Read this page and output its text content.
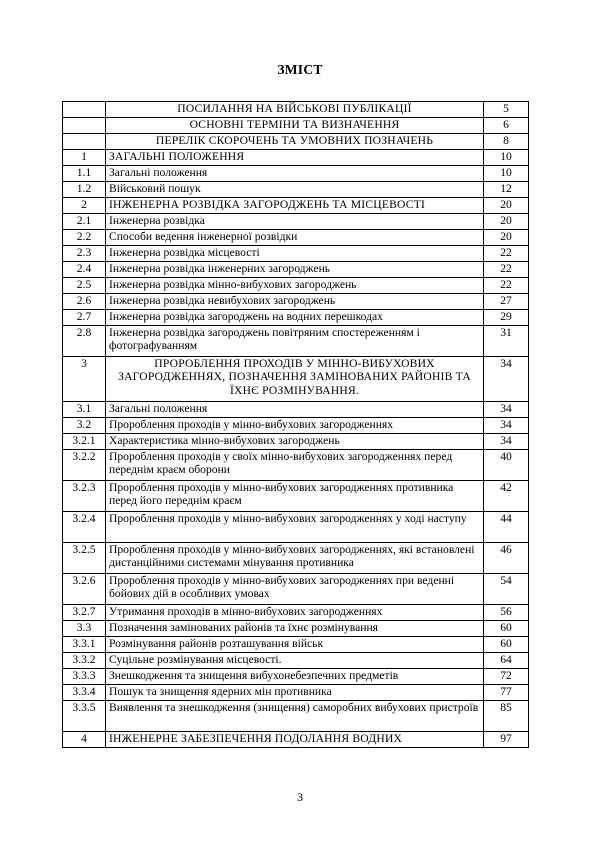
ЗМІСТ
	ПОСИЛАННЯ НА ВІЙСЬКОВІ ПУБЛІКАЦІЇ	5
	ОСНОВНІ ТЕРМІНИ ТА ВИЗНАЧЕННЯ	6
	ПЕРЕЛІК СКОРОЧЕНЬ ТА УМОВНИХ ПОЗНАЧЕНЬ	8
1	ЗАГАЛЬНІ ПОЛОЖЕННЯ	10
1.1	Загальні положення	10
1.2	Військовий пошук	12
2	ІНЖЕНЕРНА РОЗВІДКА ЗАГОРОДЖЕНЬ ТА МІСЦЕВОСТІ	20
2.1	Інженерна розвідка	20
2.2	Способи ведення інженерної розвідки	20
2.3	Інженерна розвідка місцевості	22
2.4	Інженерна розвідка інженерних загороджень	22
2.5	Інженерна розвідка мінно-вибухових загороджень	22
2.6	Інженерна розвідка невибухових загороджень	27
2.7	Інженерна розвідка загороджень на водних перешкодах	29
2.8	Інженерна розвідка загороджень повітряним спостереженням і фотографуванням	31
3	ПРОРОБЛЕННЯ ПРОХОДІВ У МІННО-ВИБУХОВИХ ЗАГОРОДЖЕННЯХ, ПОЗНАЧЕННЯ ЗАМІНОВАНИХ РАЙОНІВ ТА ЇХНЄ РОЗМІНУВАННЯ.	34
3.1	Загальні положення	34
3.2	Пророблення проходів у мінно-вибухових загородженнях	34
3.2.1	Характеристика мінно-вибухових загороджень	34
3.2.2	Пророблення проходів у своїх мінно-вибухових загородженнях перед переднім краєм оборони	40
3.2.3	Пророблення проходів у мінно-вибухових загородженнях противника перед його переднім краєм	42
3.2.4	Пророблення проходів у мінно-вибухових загородженнях у ході наступу	44
3.2.5	Пророблення проходів у мінно-вибухових загородженнях, які встановлені дистанційними системами мінування противника	46
3.2.6	Пророблення проходів у мінно-вибухових загородженнях при веденні бойових дій в особливих умовах	54
3.2.7	Утримання проходів в мінно-вибухових загородженнях	56
3.3	Позначення замінованих районів та їхнє розмінування	60
3.3.1	Розмінування районів розташування військ	60
3.3.2	Суцільне розмінування місцевості.	64
3.3.3	Знешкодження та знищення вибухонебезпечних предметів	72
3.3.4	Пошук та знищення ядерних мін противника	77
3.3.5	Виявлення та знешкодження (знищення) саморобних вибухових пристроїв	85
4	ІНЖЕНЕРНЕ ЗАБЕЗПЕЧЕННЯ ПОДОЛАННЯ ВОДНИХ	97
3
